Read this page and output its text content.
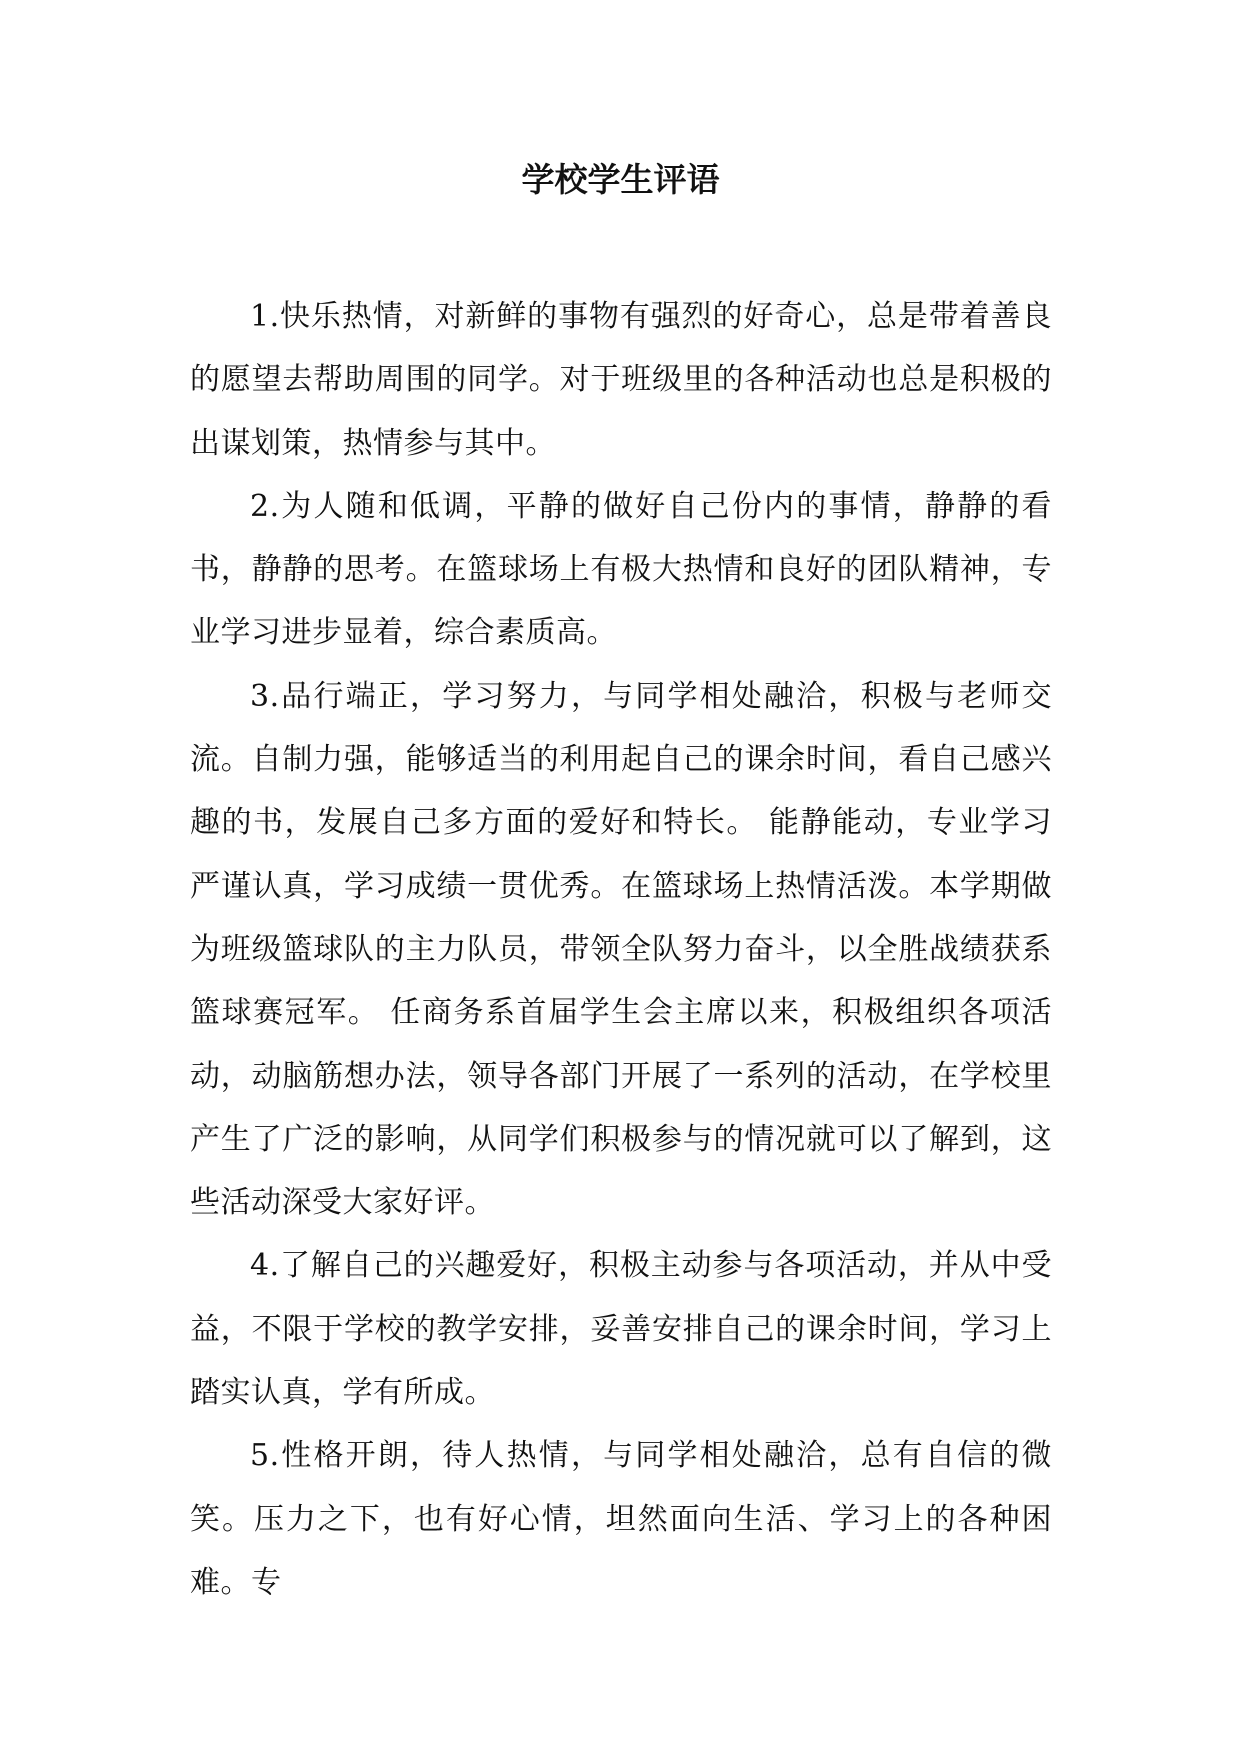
学校学生评语

1.快乐热情，对新鲜的事物有强烈的好奇心，总是带着善良的愿望去帮助周围的同学。对于班级里的各种活动也总是积极的出谋划策，热情参与其中。

2.为人随和低调，平静的做好自己份内的事情，静静的看书，静静的思考。在篮球场上有极大热情和良好的团队精神，专业学习进步显着，综合素质高。

3.品行端正，学习努力，与同学相处融洽，积极与老师交流。自制力强，能够适当的利用起自己的课余时间，看自己感兴趣的书，发展自己多方面的爱好和特长。 能静能动，专业学习严谨认真，学习成绩一贯优秀。在篮球场上热情活泼。本学期做为班级篮球队的主力队员，带领全队努力奋斗，以全胜战绩获系篮球赛冠军。 任商务系首届学生会主席以来，积极组织各项活动，动脑筋想办法，领导各部门开展了一系列的活动，在学校里产生了广泛的影响，从同学们积极参与的情况就可以了解到，这些活动深受大家好评。

4.了解自己的兴趣爱好，积极主动参与各项活动，并从中受益，不限于学校的教学安排，妥善安排自己的课余时间，学习上踏实认真，学有所成。

5.性格开朗，待人热情，与同学相处融洽，总有自信的微笑。压力之下，也有好心情，坦然面向生活、学习上的各种困难。专
